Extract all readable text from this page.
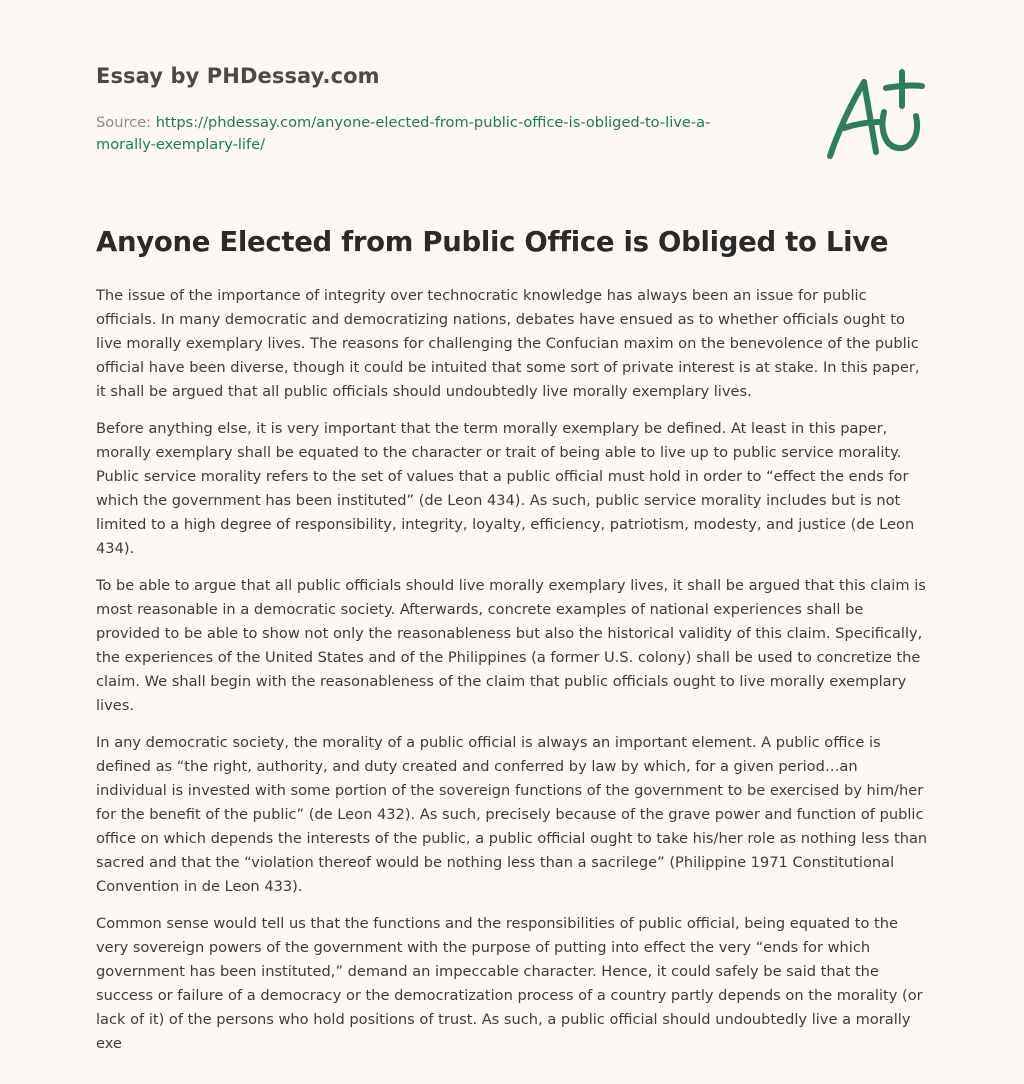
Essay by PHDessay.com
Source: https://phdessay.com/anyone-elected-from-public-office-is-obliged-to-live-a-morally-exemplary-life/
Anyone Elected from Public Office is Obliged to Live

The issue of the importance of integrity over technocratic knowledge has always been an issue for public officials. In many democratic and democratizing nations, debates have ensued as to whether officials ought to live morally exemplary lives. The reasons for challenging the Confucian maxim on the benevolence of the public official have been diverse, though it could be intuited that some sort of private interest is at stake. In this paper, it shall be argued that all public officials should undoubtedly live morally exemplary lives.

Before anything else, it is very important that the term morally exemplary be defined. At least in this paper, morally exemplary shall be equated to the character or trait of being able to live up to public service morality. Public service morality refers to the set of values that a public official must hold in order to “effect the ends for which the government has been instituted” (de Leon 434). As such, public service morality includes but is not limited to a high degree of responsibility, integrity, loyalty, efficiency, patriotism, modesty, and justice (de Leon 434).

To be able to argue that all public officials should live morally exemplary lives, it shall be argued that this claim is most reasonable in a democratic society. Afterwards, concrete examples of national experiences shall be provided to be able to show not only the reasonableness but also the historical validity of this claim. Specifically, the experiences of the United States and of the Philippines (a former U.S. colony) shall be used to concretize the claim. We shall begin with the reasonableness of the claim that public officials ought to live morally exemplary lives.

In any democratic society, the morality of a public official is always an important element. A public office is defined as “the right, authority, and duty created and conferred by law by which, for a given period…an individual is invested with some portion of the sovereign functions of the government to be exercised by him/her for the benefit of the public” (de Leon 432). As such, precisely because of the grave power and function of public office on which depends the interests of the public, a public official ought to take his/her role as nothing less than sacred and that the “violation thereof would be nothing less than a sacrilege” (Philippine 1971 Constitutional Convention in de Leon 433).

Common sense would tell us that the functions and the responsibilities of public official, being equated to the very sovereign powers of the government with the purpose of putting into effect the very “ends for which government has been instituted,” demand an impeccable character. Hence, it could safely be said that the success or failure of a democracy or the democratization process of a country partly depends on the morality (or lack of it) of the persons who hold positions of trust. As such, a public official should undoubtedly live a morally exe
